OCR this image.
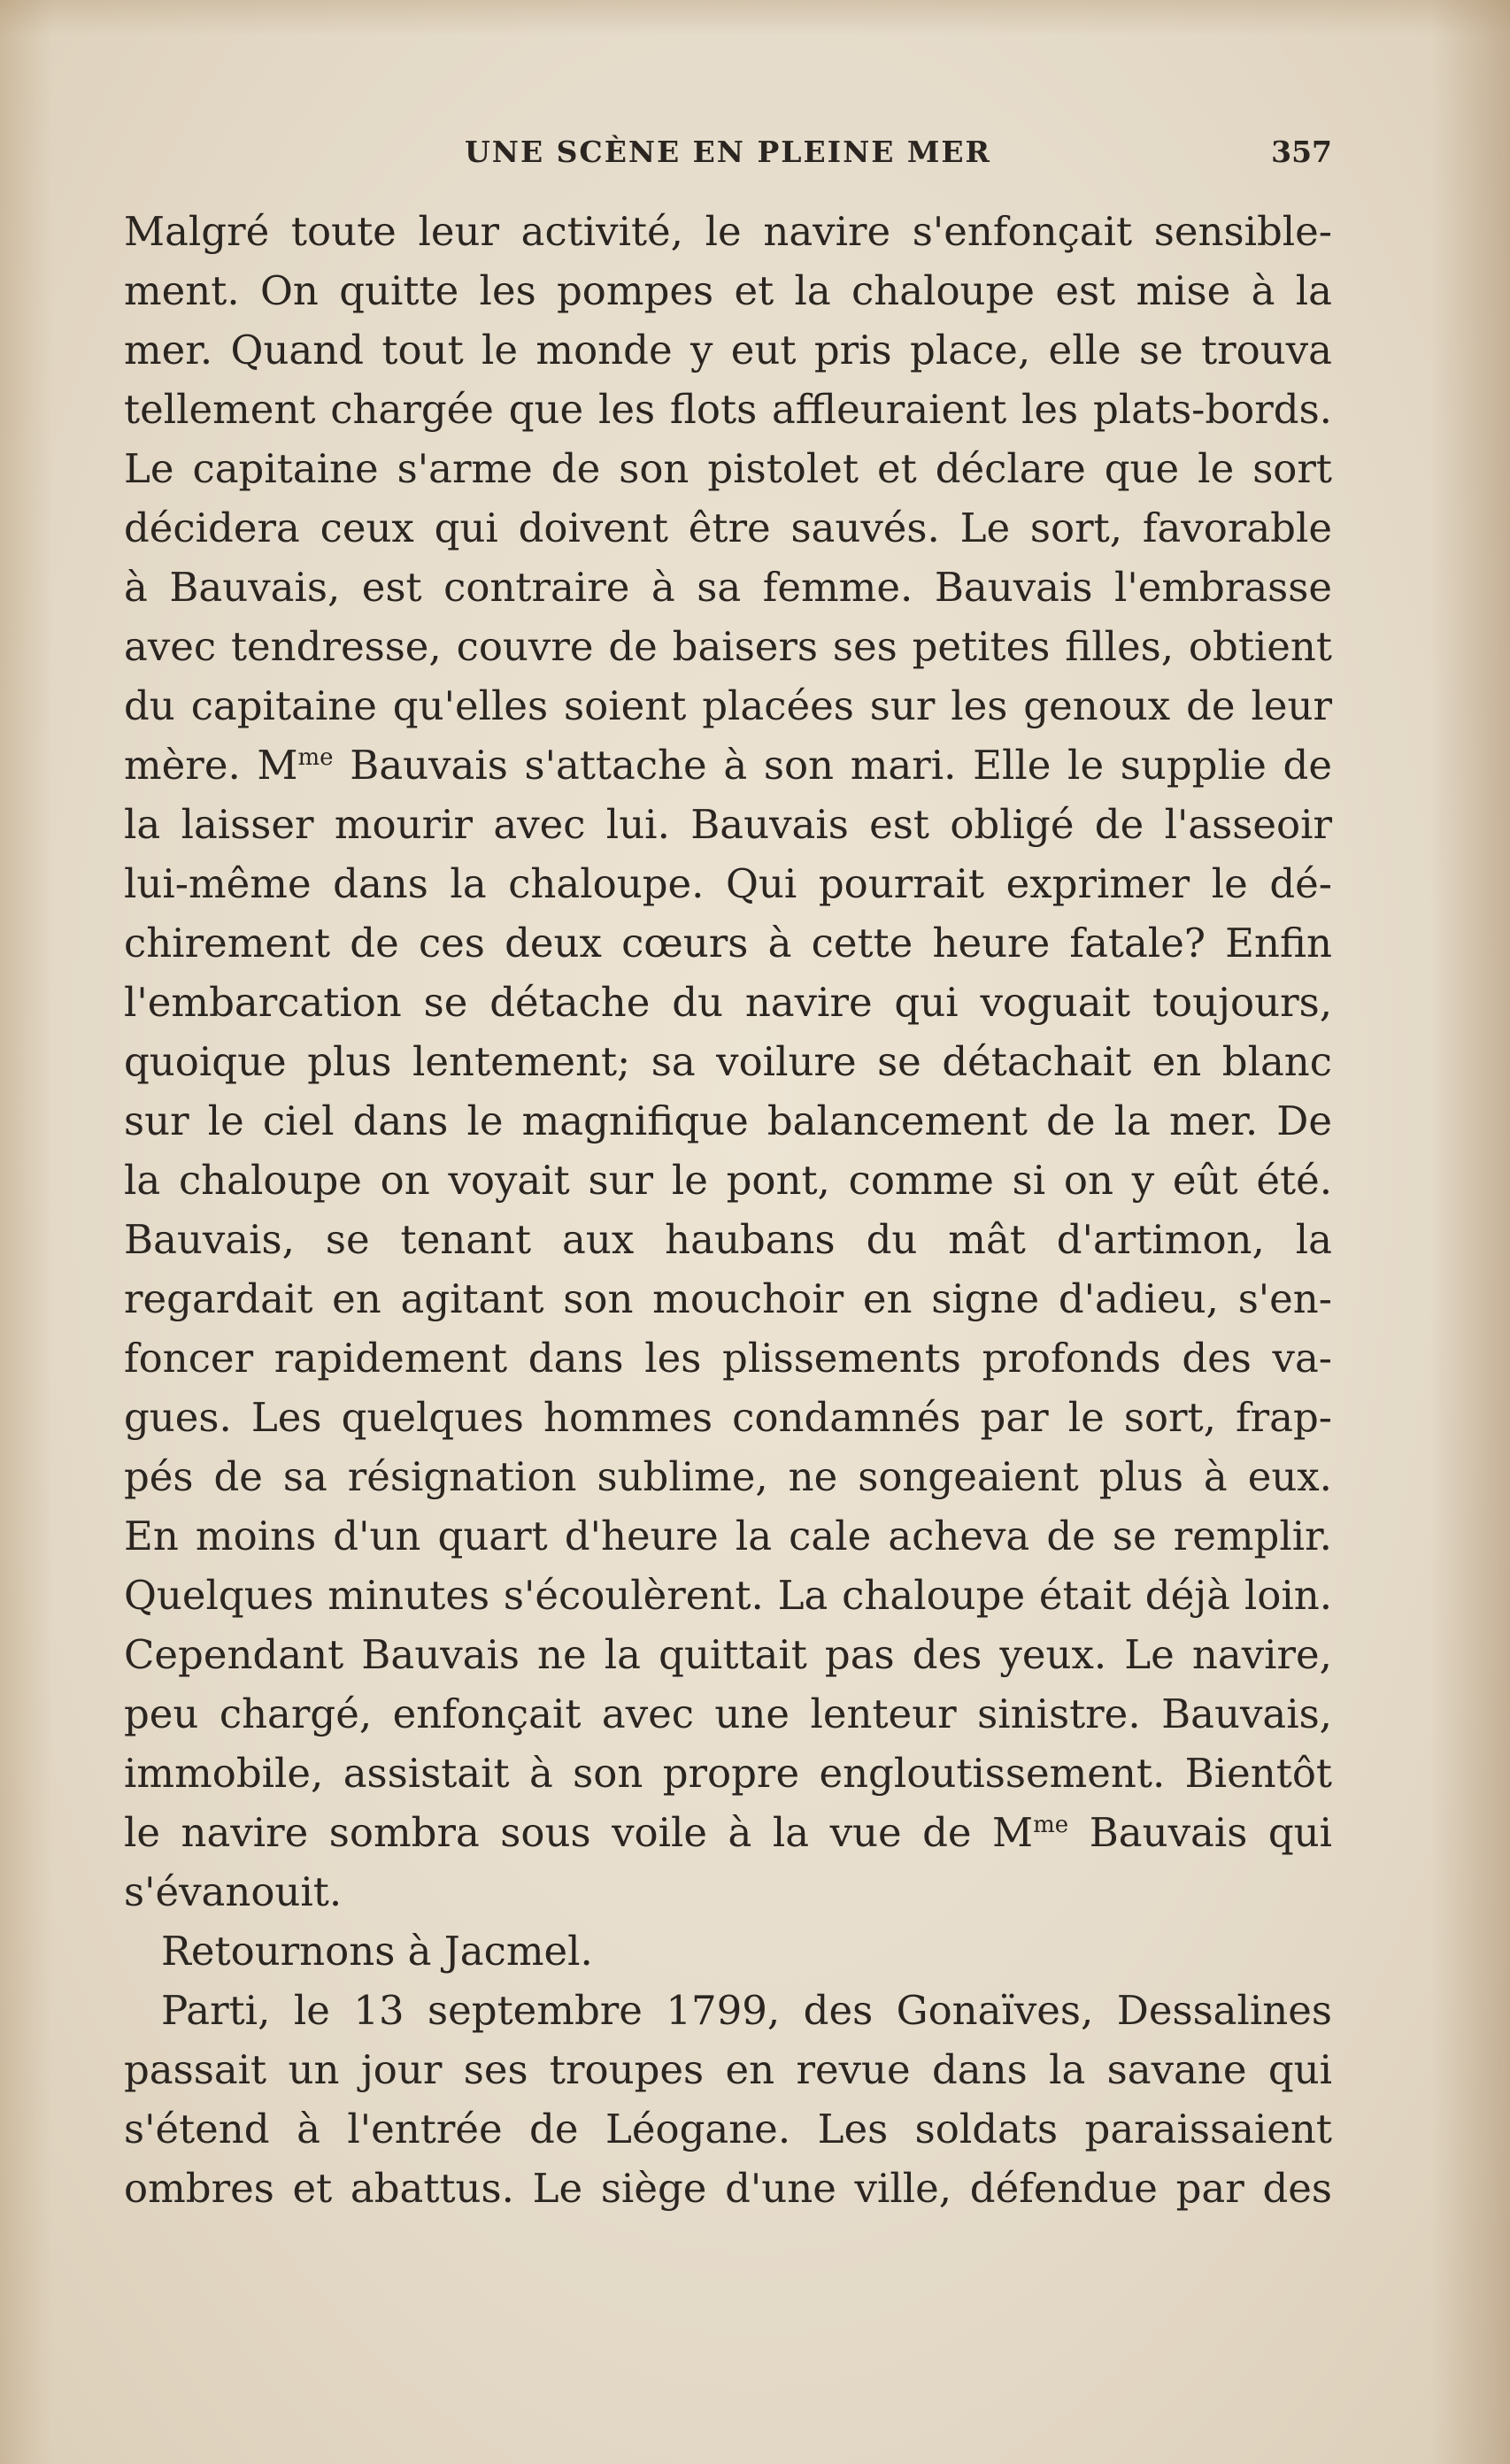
UNE SCÈNE EN PLEINE MER	357
Malgré toute leur activité, le navire s'enfonçait sensible-
ment. On quitte les pompes et la chaloupe est mise à la
mer. Quand tout le monde y eut pris place, elle se trouva
tellement chargée que les flots affleuraient les plats-bords.
Le capitaine s'arme de son pistolet et déclare que le sort
décidera ceux qui doivent être sauvés. Le sort, favorable
à Bauvais, est contraire à sa femme. Bauvais l'embrasse
avec tendresse, couvre de baisers ses petites filles, obtient
du capitaine qu'elles soient placées sur les genoux de leur
mère. $M^{me}$ Bauvais s'attache à son mari. Elle le supplie de
la laisser mourir avec lui. Bauvais est obligé de l'asseoir
lui-même dans la chaloupe. Qui pourrait exprimer le dé-
chirement de ces deux cœurs à cette heure fatale? Enfin
l'embarcation se détache du navire qui voguait toujours,
quoique plus lentement; sa voilure se détachait en blanc
sur le ciel dans le magnifique balancement de la mer. De
la chaloupe on voyait sur le pont, comme si on y eût été.
Bauvais, se tenant aux haubans du mât d'artimon, la
regardait en agitant son mouchoir en signe d'adieu, s'en-
foncer rapidement dans les plissements profonds des va-
gues. Les quelques hommes condamnés par le sort, frap-
pés de sa résignation sublime, ne songeaient plus à eux.
En moins d'un quart d'heure la cale acheva de se remplir.
Quelques minutes s'écoulèrent. La chaloupe était déjà loin.
Cependant Bauvais ne la quittait pas des yeux. Le navire,
peu chargé, enfonçait avec une lenteur sinistre. Bauvais,
immobile, assistait à son propre engloutissement. Bientôt
le navire sombra sous voile à la vue de $M^{me}$ Bauvais qui
s'évanouit.
Retournons à Jacmel.
Parti, le 13 septembre 1799, des Gonaïves, Dessalines
passait un jour ses troupes en revue dans la savane qui
s'étend à l'entrée de Léogane. Les soldats paraissaient
ombres et abattus. Le siège d'une ville, défendue par des
